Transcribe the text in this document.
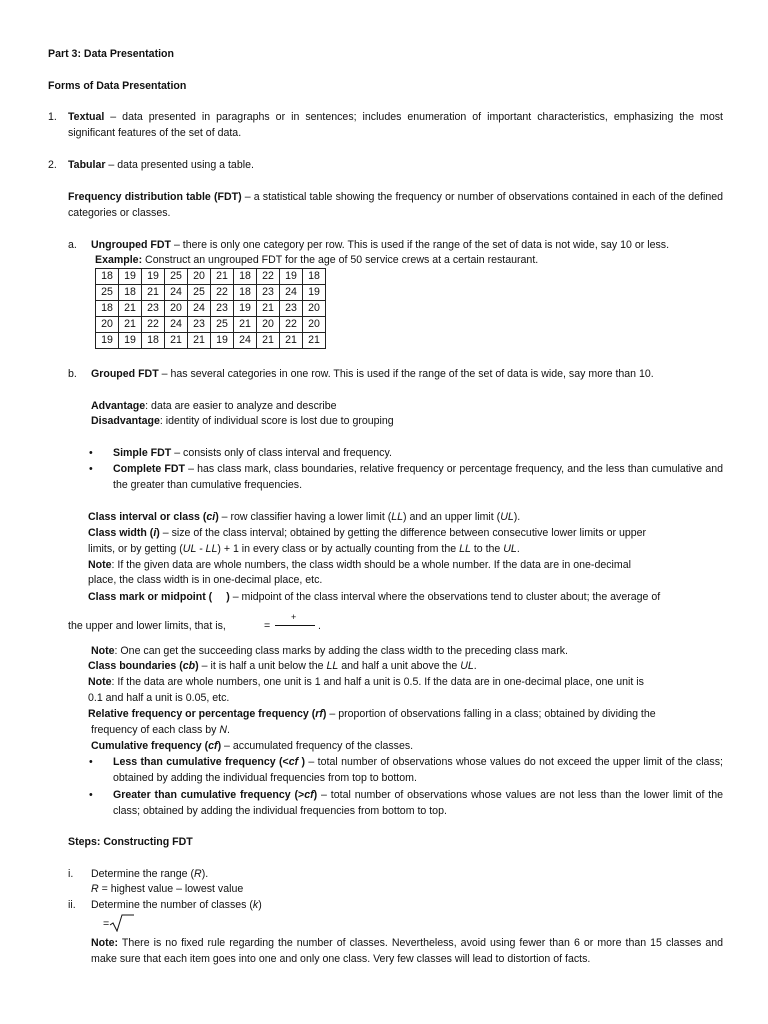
Part 3: Data Presentation
Forms of Data Presentation
1. Textual – data presented in paragraphs or in sentences; includes enumeration of important characteristics, emphasizing the most significant features of the set of data.
2. Tabular – data presented using a table.
Frequency distribution table (FDT) – a statistical table showing the frequency or number of observations contained in each of the defined categories or classes.
a. Ungrouped FDT – there is only one category per row. This is used if the range of the set of data is not wide, say 10 or less.
Example: Construct an ungrouped FDT for the age of 50 service crews at a certain restaurant.
18	19	19	25	20	21	18	22	19	18
25	18	21	24	25	22	18	23	24	19
18	21	23	20	24	23	19	21	23	20
20	21	22	24	23	25	21	20	22	20
19	19	18	21	21	19	24	21	21	21
b. Grouped FDT – has several categories in one row. This is used if the range of the set of data is wide, say more than 10.
Advantage: data are easier to analyze and describe
Disadvantage: identity of individual score is lost due to grouping
• Simple FDT – consists only of class interval and frequency.
• Complete FDT – has class mark, class boundaries, relative frequency or percentage frequency, and the less than cumulative and the greater than cumulative frequencies.
Class interval or class (ci) – row classifier having a lower limit (LL) and an upper limit (UL).
Class width (i) – size of the class interval; obtained by getting the difference between consecutive lower limits or upper
limits, or by getting (UL - LL) + 1 in every class or by actually counting from the LL to the UL.
Note: If the given data are whole numbers, the class width should be a whole number. If the data are in one-decimal
place, the class width is in one-decimal place, etc.
Class mark or midpoint ( ) – midpoint of the class interval where the observations tend to cluster about; the average of
the upper and lower limits, that is,	=
+
.
Note: One can get the succeeding class marks by adding the class width to the preceding class mark.
Class boundaries (cb) – it is half a unit below the LL and half a unit above the UL.
Note: If the data are whole numbers, one unit is 1 and half a unit is 0.5. If the data are in one-decimal place, one unit is
0.1 and half a unit is 0.05, etc.
Relative frequency or percentage frequency (rf) – proportion of observations falling in a class; obtained by dividing the
frequency of each class by N.
Cumulative frequency (cf) – accumulated frequency of the classes.
• Less than cumulative frequency (<cf ) – total number of observations whose values do not exceed the upper limit of the class; obtained by adding the individual frequencies from top to bottom.
• Greater than cumulative frequency (>cf) – total number of observations whose values are not less than the lower limit of the class; obtained by adding the individual frequencies from bottom to top.
Steps: Constructing FDT
i. Determine the range (R).
R = highest value – lowest value
ii. Determine the number of classes (k)
=
Note: There is no fixed rule regarding the number of classes. Nevertheless, avoid using fewer than 6 or more than 15 classes and make sure that each item goes into one and only one class. Very few classes will lead to distortion of facts.
